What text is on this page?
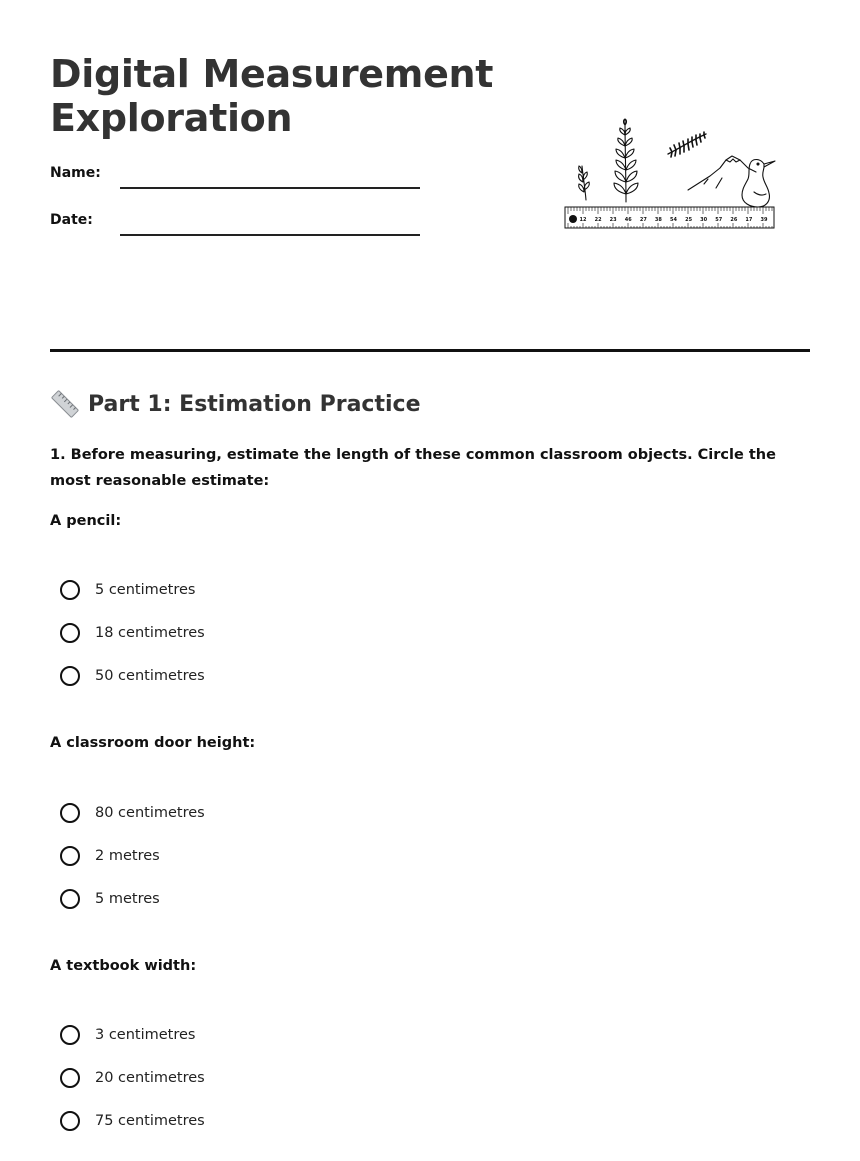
Digital Measurement
Exploration
Name:
Date:	12 22 23 46 27 38 54 25 30 57 26 17 39
Part 1: Estimation Practice
1. Before measuring, estimate the length of these common classroom objects. Circle the most reasonable estimate:
A pencil:
5 centimetres
18 centimetres
50 centimetres
A classroom door height:
80 centimetres
2 metres
5 metres
A textbook width:
3 centimetres
20 centimetres
75 centimetres
